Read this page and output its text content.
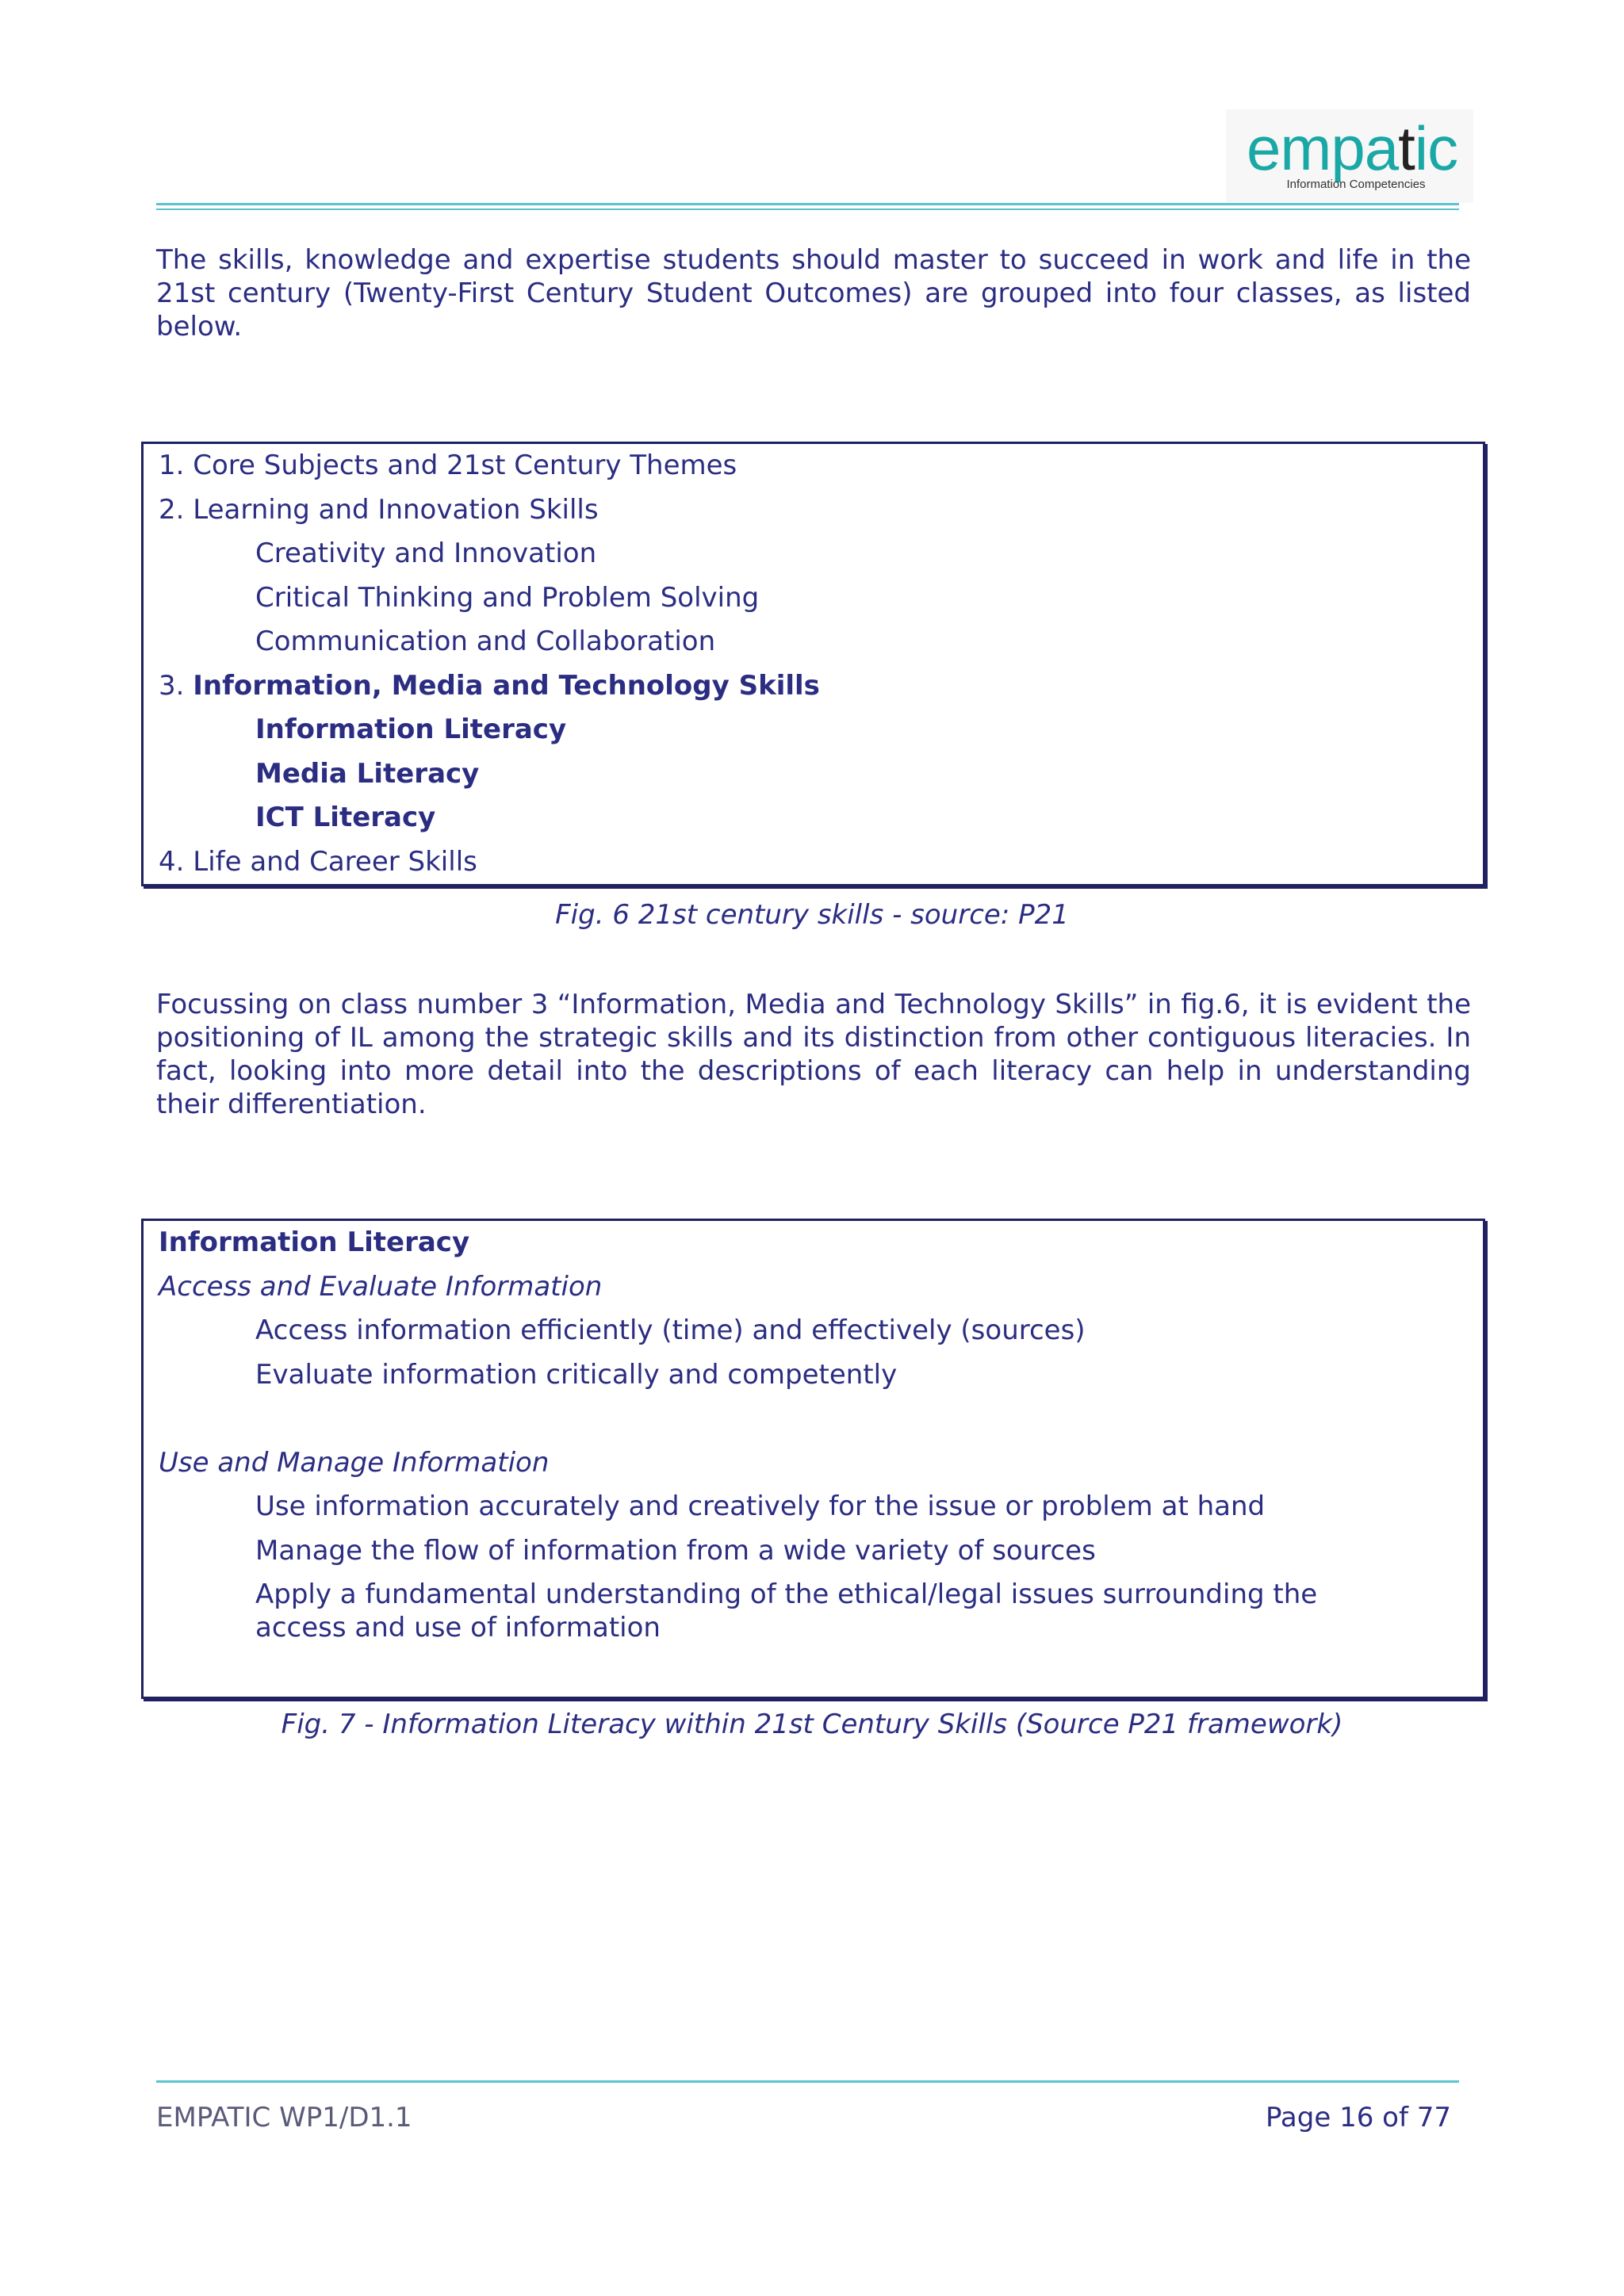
empatic
Information Competencies

The skills, knowledge and expertise students should master to succeed in work and life in the 21st century (Twenty-First Century Student Outcomes) are grouped into four classes, as listed below.

1. Core Subjects and 21st Century Themes
2. Learning and Innovation Skills
Creativity and Innovation
Critical Thinking and Problem Solving
Communication and Collaboration
3. Information, Media and Technology Skills
Information Literacy
Media Literacy
ICT Literacy
4. Life and Career Skills
Fig. 6 21st century skills - source: P21

Focussing on class number 3 “Information, Media and Technology Skills” in fig.6, it is evident the positioning of IL among the strategic skills and its distinction from other contiguous literacies. In fact, looking into more detail into the descriptions of each literacy can help in understanding their differentiation.

Information Literacy
Access and Evaluate Information
Access information efficiently (time) and effectively (sources)
Evaluate information critically and competently
Use and Manage Information
Use information accurately and creatively for the issue or problem at hand
Manage the flow of information from a wide variety of sources
Apply a fundamental understanding of the ethical/legal issues surrounding the access and use of information
Fig. 7 - Information Literacy within 21st Century Skills (Source P21 framework)
EMPATIC WP1/D1.1	Page 16 of 77
